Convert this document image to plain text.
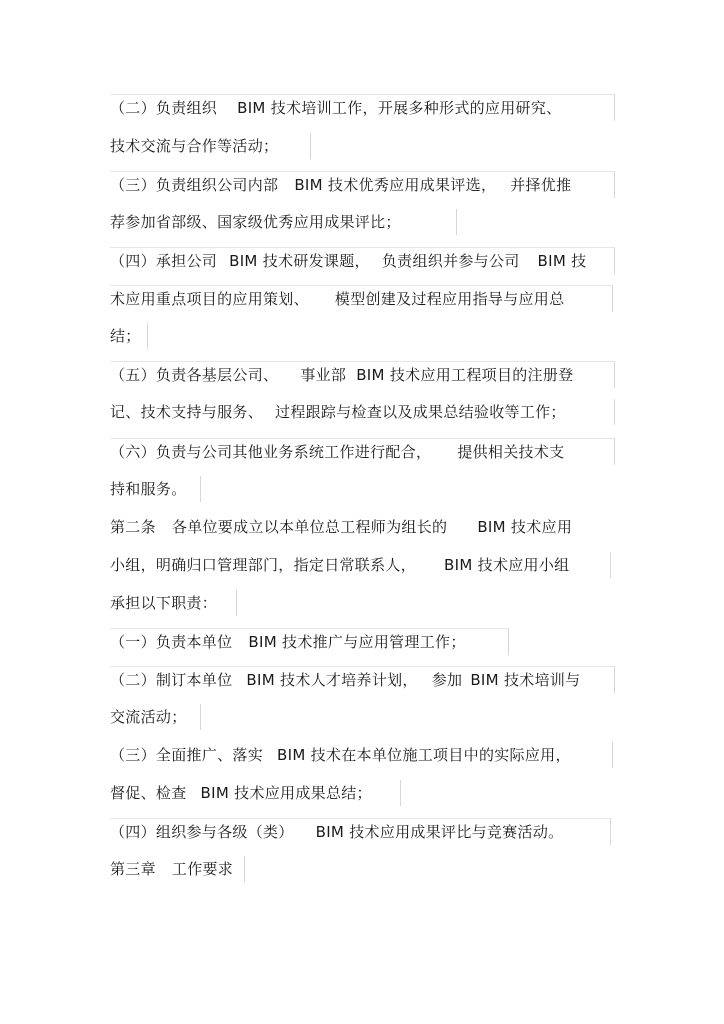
（二）负责组织 BIM 技术培训工作，开展多种形式的应用研究、
技术交流与合作等活动；
（三）负责组织公司内部 BIM 技术优秀应用成果评选， 并择优推
荐参加省部级、国家级优秀应用成果评比；
（四）承担公司 BIM 技术研发课题， 负责组织并参与公司 BIM 技
术应用重点项目的应用策划、 模型创建及过程应用指导与应用总
结；
（五）负责各基层公司、 事业部 BIM 技术应用工程项目的注册登
记、技术支持与服务、 过程跟踪与检查以及成果总结验收等工作；
（六）负责与公司其他业务系统工作进行配合， 提供相关技术支
持和服务。
第二条 各单位要成立以本单位总工程师为组长的 BIM 技术应用
小组，明确归口管理部门，指定日常联系人， BIM 技术应用小组
承担以下职责：
（一）负责本单位 BIM 技术推广与应用管理工作；
（二）制订本单位 BIM 技术人才培养计划， 参加 BIM 技术培训与
交流活动；
（三）全面推广、落实 BIM 技术在本单位施工项目中的实际应用，
督促、检查 BIM 技术应用成果总结；
（四）组织参与各级（类） BIM 技术应用成果评比与竞赛活动。
第三章 工作要求
